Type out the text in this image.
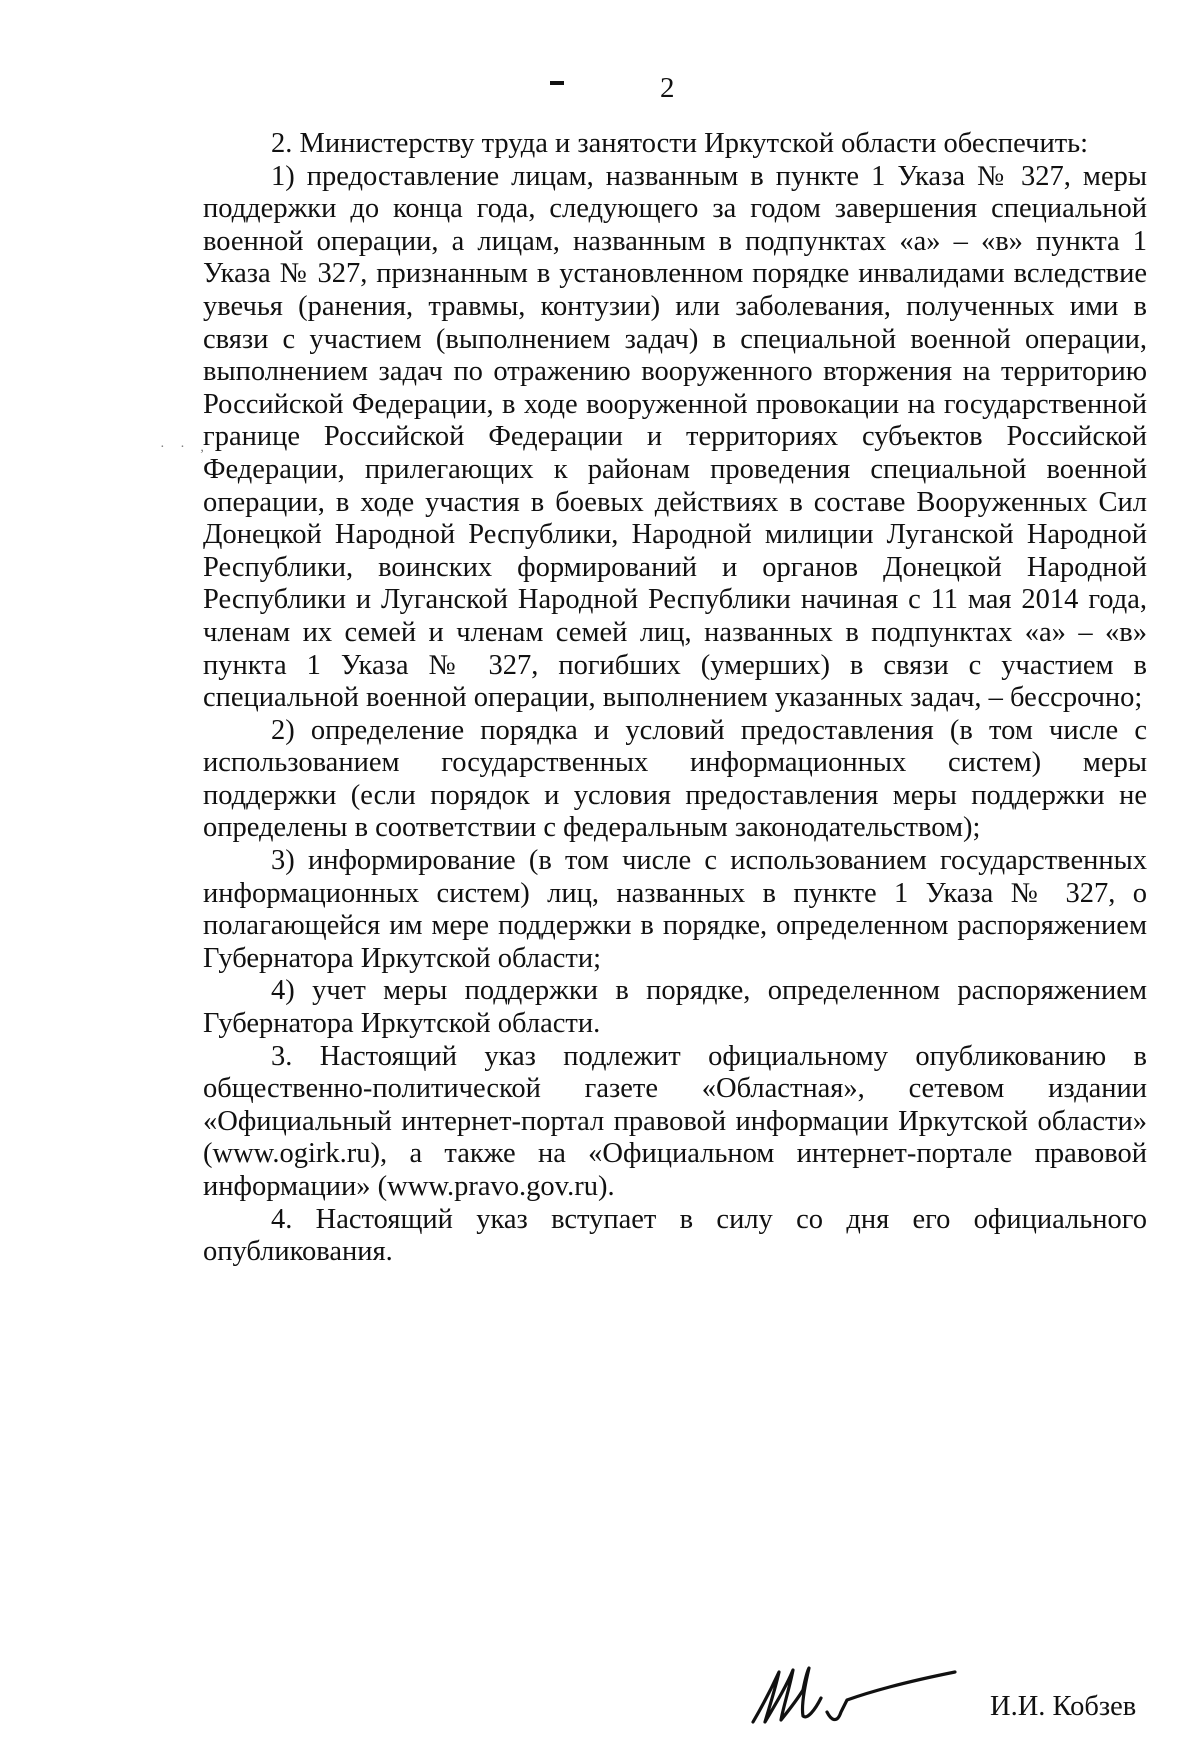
2
· · ,

2. Министерству труда и занятости Иркутской области обеспечить:

1) предоставление лицам, названным в пункте 1 Указа № 327, меры поддержки до конца года, следующего за годом завершения специальной военной операции, а лицам, названным в подпунктах «а» – «в» пункта 1 Указа № 327, признанным в установленном порядке инвалидами вследствие увечья (ранения, травмы, контузии) или заболевания, полученных ими в связи с участием (выполнением задач) в специальной военной операции, выполнением задач по отражению вооруженного вторжения на территорию Российской Федерации, в ходе вооруженной провокации на государственной границе Российской Федерации и территориях субъектов Российской Федерации, прилегающих к районам проведения специальной военной операции, в ходе участия в боевых действиях в составе Вооруженных Сил Донецкой Народной Республики, Народной милиции Луганской Народной Республики, воинских формирований и органов Донецкой Народной Республики и Луганской Народной Республики начиная с 11 мая 2014 года, членам их семей и членам семей лиц, названных в подпунктах «а» – «в» пункта 1 Указа № 327, погибших (умерших) в связи с участием в специальной военной операции, выполнением указанных задач, – бессрочно;

2) определение порядка и условий предоставления (в том числе с использованием государственных информационных систем) меры поддержки (если порядок и условия предоставления меры поддержки не определены в соответствии с федеральным законодательством);

3) информирование (в том числе с использованием государственных информационных систем) лиц, названных в пункте 1 Указа № 327, о полагающейся им мере поддержки в порядке, определенном распоряжением Губернатора Иркутской области;

4) учет меры поддержки в порядке, определенном распоряжением Губернатора Иркутской области.

3. Настоящий указ подлежит официальному опубликованию в общественно-политической газете «Областная», сетевом издании «Официальный интернет-портал правовой информации Иркутской области» (www.ogirk.ru), а также на «Официальном интернет-портале правовой информации» (www.pravo.gov.ru).

4. Настоящий указ вступает в силу со дня его официального опубликования.

И.И. Кобзев
